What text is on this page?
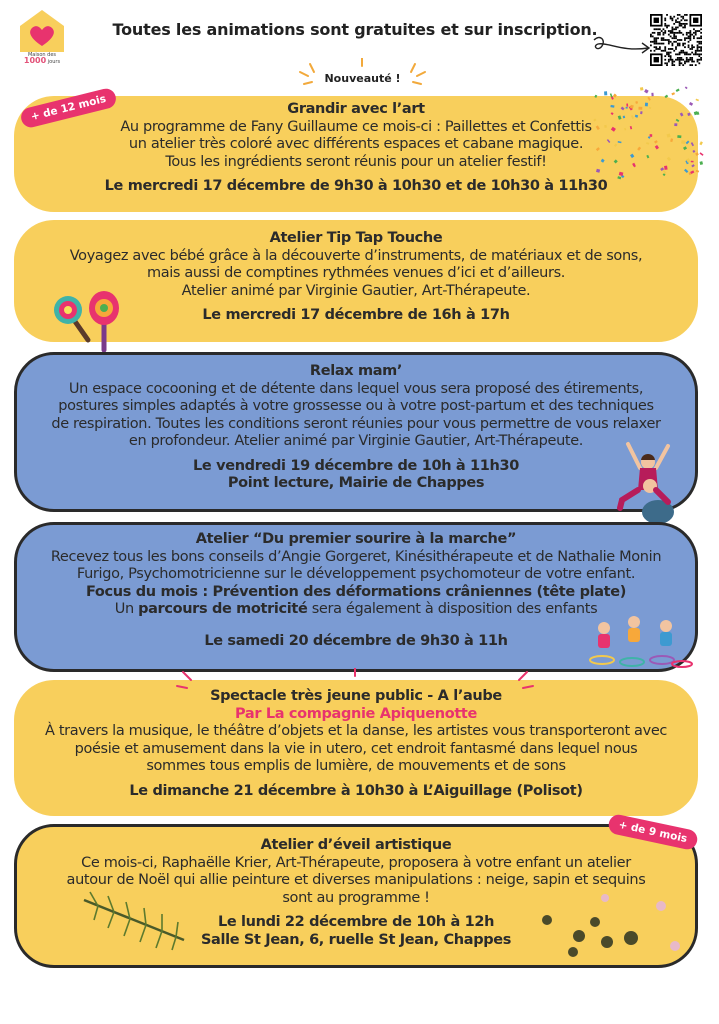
Maison des
1000 jours
Toutes les animations sont gratuites et sur inscription.
Nouveauté !
Grandir avec l’art
Au programme de Fany Guillaume ce mois-ci : Paillettes et Confettis
un atelier très coloré avec différents espaces et cabane magique.
Tous les ingrédients seront réunis pour un atelier festif!
Le mercredi 17 décembre de 9h30 à 10h30 et de 10h30 à 11h30
+ de 12 mois
Atelier Tip Tap Touche
Voyagez avec bébé grâce à la découverte d’instruments, de matériaux et de sons,
mais aussi de comptines rythmées venues d’ici et d’ailleurs.
Atelier animé par Virginie Gautier, Art-Thérapeute.
Le mercredi 17 décembre de 16h à 17h
Relax mam’
Un espace cocooning et de détente dans lequel vous sera proposé des étirements,
postures simples adaptés à votre grossesse ou à votre post-partum et des techniques
de respiration. Toutes les conditions seront réunies pour vous permettre de vous relaxer
en profondeur. Atelier animé par Virginie Gautier, Art-Thérapeute.
Le vendredi 19 décembre de 10h à 11h30
Point lecture, Mairie de Chappes
Atelier “Du premier sourire à la marche”
Recevez tous les bons conseils d’Angie Gorgeret, Kinésithérapeute et de Nathalie Monin
Furigo, Psychomotricienne sur le développement psychomoteur de votre enfant.
Focus du mois : Prévention des déformations crâniennes (tête plate)
Un parcours de motricité sera également à disposition des enfants
Le samedi 20 décembre de 9h30 à 11h
Spectacle très jeune public - A l’aube
Par La compagnie Apiquenotte
À travers la musique, le théâtre d’objets et la danse, les artistes vous transporteront avec
poésie et amusement dans la vie in utero, cet endroit fantasmé dans lequel nous
sommes tous emplis de lumière, de mouvements et de sons
Le dimanche 21 décembre à 10h30 à L’Aiguillage (Polisot)
Atelier d’éveil artistique
Ce mois-ci, Raphaëlle Krier, Art-Thérapeute, proposera à votre enfant un atelier
autour de Noël qui allie peinture et diverses manipulations : neige, sapin et sequins
sont au programme !
Le lundi 22 décembre de 10h à 12h
Salle St Jean, 6, ruelle St Jean, Chappes
+ de 9 mois
